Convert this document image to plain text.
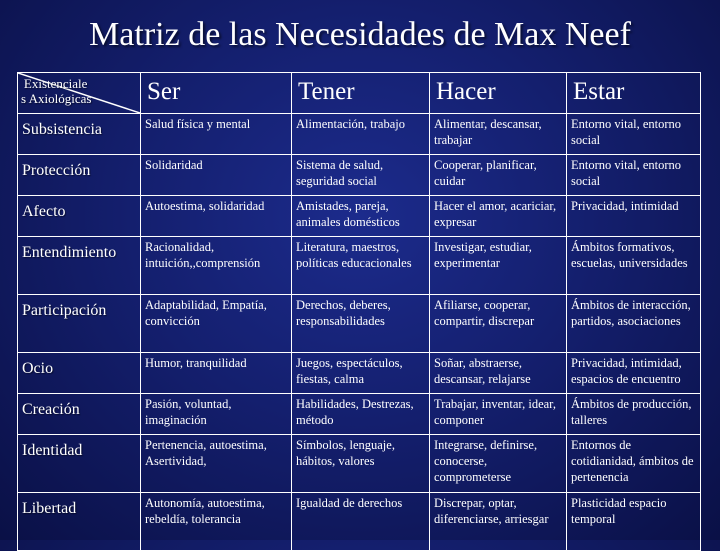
Matriz de las Necesidades de Max Neef
Existenciale
s Axiológicas	Ser	Tener	Hacer	Estar
Subsistencia	Salud física y mental	Alimentación, trabajo	Alimentar, descansar, trabajar	Entorno vital, entorno social
Protección	Solidaridad	Sistema de salud, seguridad social	Cooperar, planificar, cuidar	Entorno vital, entorno social
Afecto	Autoestima, solidaridad	Amistades, pareja, animales domésticos	Hacer el amor, acariciar, expresar	Privacidad, intimidad
Entendimiento	Racionalidad, intuición,,comprensión	Literatura, maestros, políticas educacionales	Investigar, estudiar, experimentar	Ámbitos formativos, escuelas, universidades
Participación	Adaptabilidad, Empatía, convicción	Derechos, deberes, responsabilidades	Afiliarse, cooperar, compartir, discrepar	Ámbitos de interacción, partidos, asociaciones
Ocio	Humor, tranquilidad	Juegos, espectáculos, fiestas, calma	Soñar, abstraerse, descansar, relajarse	Privacidad, intimidad, espacios de encuentro
Creación	Pasión, voluntad, imaginación	Habilidades, Destrezas, método	Trabajar, inventar, idear, componer	Ámbitos de producción, talleres
Identidad	Pertenencia, autoestima, Asertividad,	Símbolos, lenguaje, hábitos, valores	Integrarse, definirse, conocerse, comprometerse	Entornos de cotidianidad, ámbitos de pertenencia
Libertad	Autonomía, autoestima, rebeldía, tolerancia	Igualdad de derechos	Discrepar, optar, diferenciarse, arriesgar	Plasticidad espacio temporal
